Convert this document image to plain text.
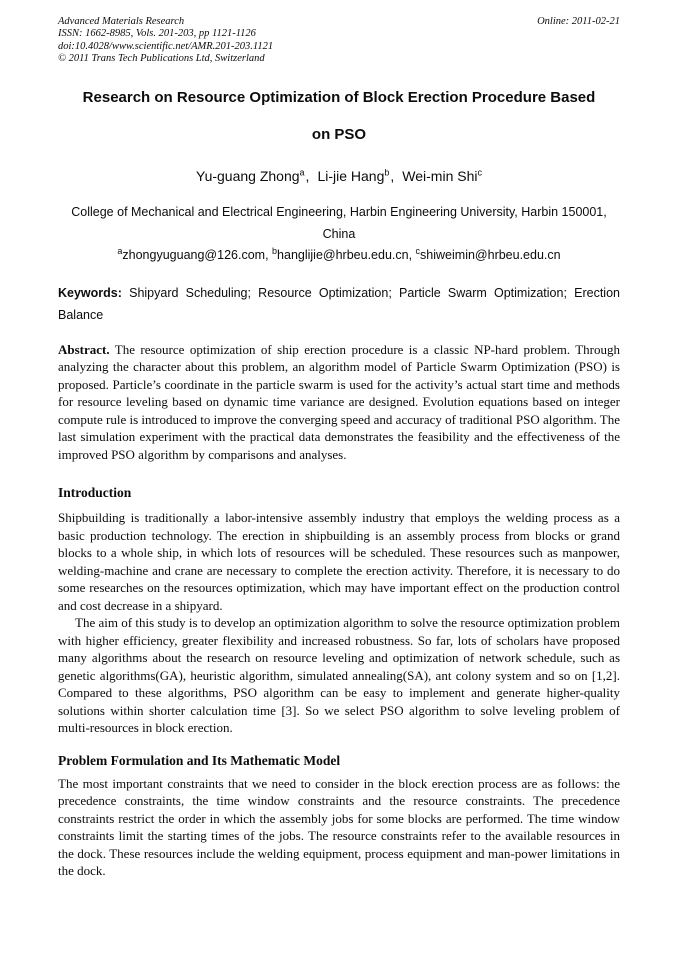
Advanced Materials Research
ISSN: 1662-8985, Vols. 201-203, pp 1121-1126
doi:10.4028/www.scientific.net/AMR.201-203.1121
© 2011 Trans Tech Publications Ltd, Switzerland
Online: 2011-02-21
Research on Resource Optimization of Block Erection Procedure Based
on PSO
Yu-guang Zhong$^a$, Li-jie Hang$^b$, Wei-min Shi$^c$
College of Mechanical and Electrical Engineering, Harbin Engineering University, Harbin 150001,
China
$^a$zhongyuguang@126.com, $^b$hanglijie@hrbeu.edu.cn, $^c$shiweimin@hrbeu.edu.cn

Keywords: Shipyard Scheduling; Resource Optimization; Particle Swarm Optimization; Erection Balance

Abstract. The resource optimization of ship erection procedure is a classic NP-hard problem. Through analyzing the character about this problem, an algorithm model of Particle Swarm Optimization (PSO) is proposed. Particle’s coordinate in the particle swarm is used for the activity’s actual start time and methods for resource leveling based on dynamic time variance are designed. Evolution equations based on integer compute rule is introduced to improve the converging speed and accuracy of traditional PSO algorithm. The last simulation experiment with the practical data demonstrates the feasibility and the effectiveness of the improved PSO algorithm by comparisons and analyses.

Introduction

Shipbuilding is traditionally a labor-intensive assembly industry that employs the welding process as a basic production technology. The erection in shipbuilding is an assembly process from blocks or grand blocks to a whole ship, in which lots of resources will be scheduled. These resources such as manpower, welding-machine and crane are necessary to complete the erection activity. Therefore, it is necessary to do some researches on the resources optimization, which may have important effect on the production control and cost decrease in a shipyard.

The aim of this study is to develop an optimization algorithm to solve the resource optimization problem with higher efficiency, greater flexibility and increased robustness. So far, lots of scholars have proposed many algorithms about the research on resource leveling and optimization of network schedule, such as genetic algorithms(GA), heuristic algorithm, simulated annealing(SA), ant colony system and so on [1,2]. Compared to these algorithms, PSO algorithm can be easy to implement and generate higher-quality solutions within shorter calculation time [3]. So we select PSO algorithm to solve leveling problem of multi-resources in block erection.

Problem Formulation and Its Mathematic Model

The most important constraints that we need to consider in the block erection process are as follows: the precedence constraints, the time window constraints and the resource constraints. The precedence constraints restrict the order in which the assembly jobs for some blocks are performed. The time window constraints limit the starting times of the jobs. The resource constraints refer to the available resources in the dock. These resources include the welding equipment, process equipment and man-power limitations in the dock.
